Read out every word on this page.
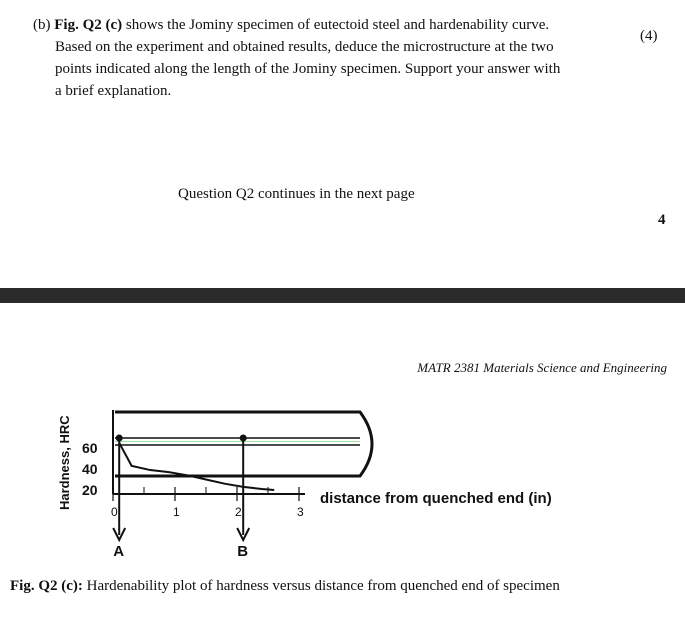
(b) Fig. Q2 (c) shows the Jominy specimen of eutectoid steel and hardenability curve.
Based on the experiment and obtained results, deduce the microstructure at the two
points indicated along the length of the Jominy specimen. Support your answer with
a brief explanation.
(4)
Question Q2 continues in the next page
4
MATR 2381 Materials Science and Engineering
Hardness, HRC 20
40
60
0	1	2	3
distance from quenched end (in)
A	B
Fig. Q2 (c): Hardenability plot of hardness versus distance from quenched end of specimen
